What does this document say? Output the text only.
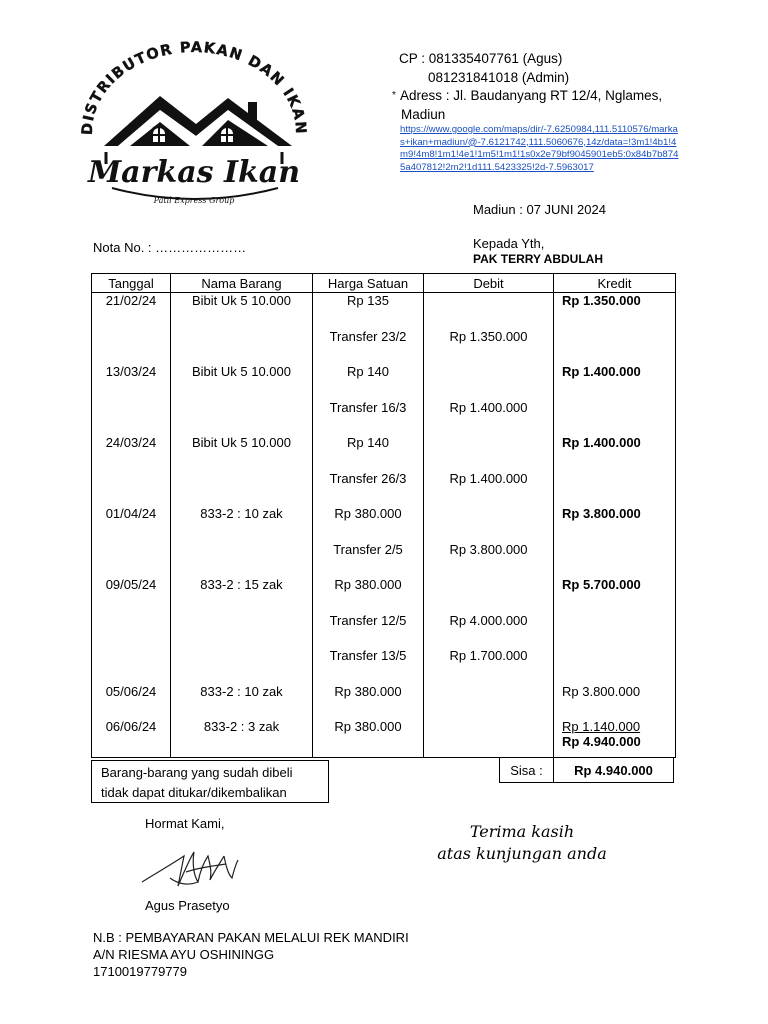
DISTRIBUTOR PAKAN DAN IKAN
Markas Ikan
Patil Express Group
CP : 081335407761 (Agus)
081231841018 (Admin)
* Adress : Jl. Baudanyang RT 12/4, Nglames,
Madiun
https://www.google.com/maps/dir/-7.6250984,111.5110576/markas+ikan+madiun/@-7.6121742,111.5060676,14z/data=!3m1!4b1!4m9!4m8!1m1!4e1!1m5!1m1!1s0x2e79bf9045901eb5:0x84b7b8745a407812!2m2!1d111.5423325!2d-7.5963017
Madiun : 07 JUNI 2024
Nota No. : …………………	Kepada Yth,
PAK TERRY ABDULAH
Tanggal	Nama Barang	Harga Satuan	Debit	Kredit
21/02/24	Bibit Uk 5 10.000	Rp 135		Rp 1.350.000
		Transfer 23/2	Rp 1.350.000	
13/03/24	Bibit Uk 5 10.000	Rp 140		Rp 1.400.000
		Transfer 16/3	Rp 1.400.000	
24/03/24	Bibit Uk 5 10.000	Rp 140		Rp 1.400.000
		Transfer 26/3	Rp 1.400.000	
01/04/24	833-2 : 10 zak	Rp 380.000		Rp 3.800.000
		Transfer 2/5	Rp 3.800.000	
09/05/24	833-2 : 15 zak	Rp 380.000		Rp 5.700.000
		Transfer 12/5	Rp 4.000.000	
		Transfer 13/5	Rp 1.700.000	
05/06/24	833-2 : 10 zak	Rp 380.000		Rp 3.800.000
06/06/24	833-2 : 3 zak	Rp 380.000		Rp 1.140.000
Rp 4.940.000
Barang-barang yang sudah dibeli
tidak dapat ditukar/dikembalikan
Sisa :	Rp 4.940.000
Hormat Kami,	Terima kasih
atas kunjungan anda
Agus Prasetyo
N.B : PEMBAYARAN PAKAN MELALUI REK MANDIRI
A/N RIESMA AYU OSHININGG
1710019779779
